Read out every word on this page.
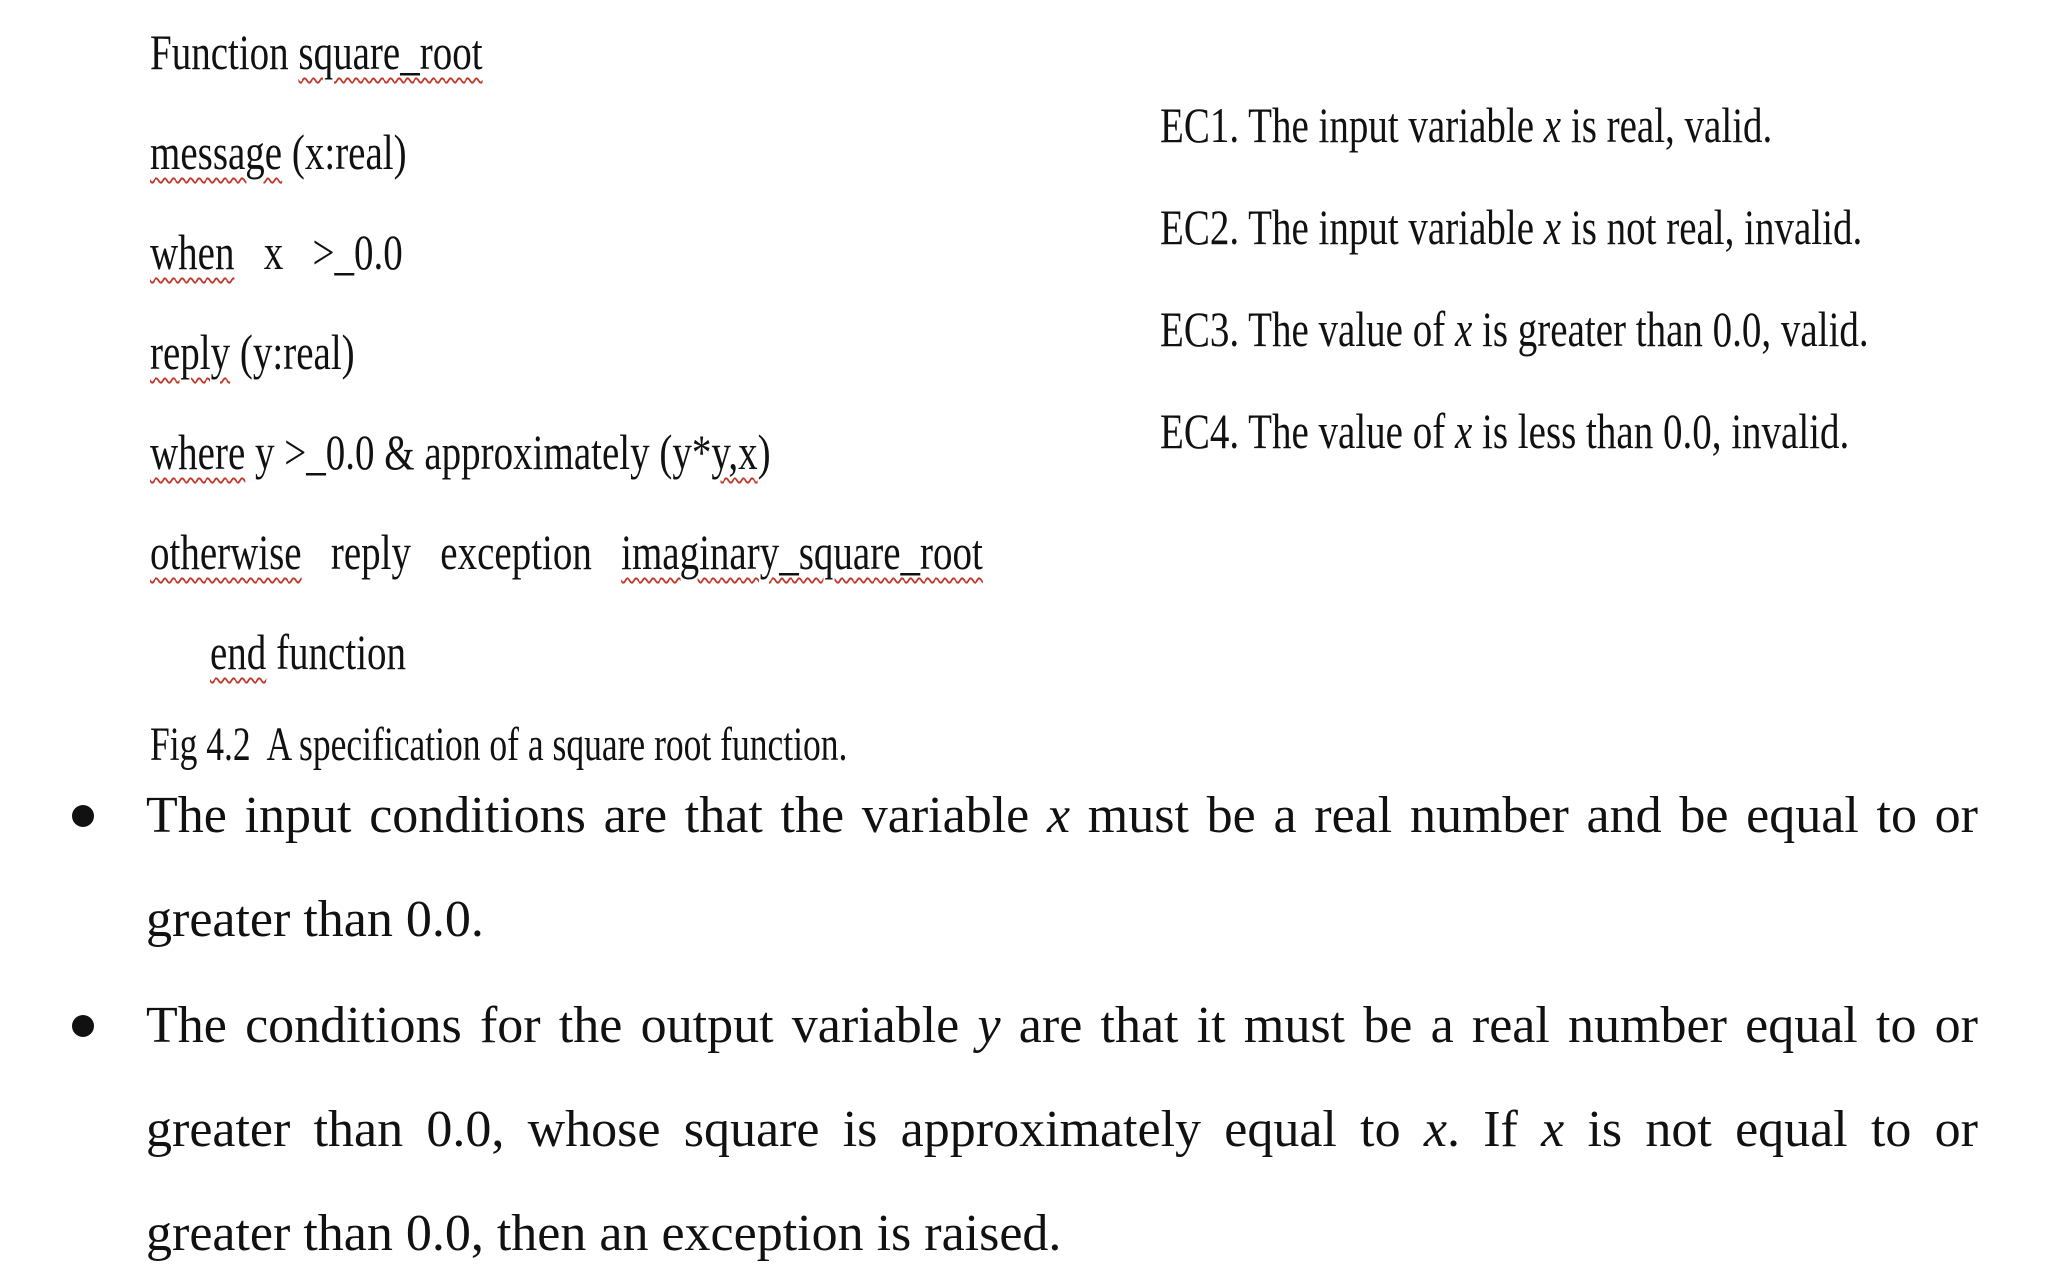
Function square_root
message (x:real)
when   x   >_0.0
reply (y:real)
where y >_0.0 & approximately (y*y,x)
otherwise   reply   exception   imaginary_square_root
end function
EC1. The input variable x is real, valid.
EC2. The input variable x is not real, invalid.
EC3. The value of x is greater than 0.0, valid.
EC4. The value of x is less than 0.0, invalid.
Fig 4.2  A specification of a square root function.
The input conditions are that the variable x must be a real number and be equal to or
greater than 0.0.
The conditions for the output variable y are that it must be a real number equal to or
greater than 0.0, whose square is approximately equal to x. If x is not equal to or
greater than 0.0, then an exception is raised.
